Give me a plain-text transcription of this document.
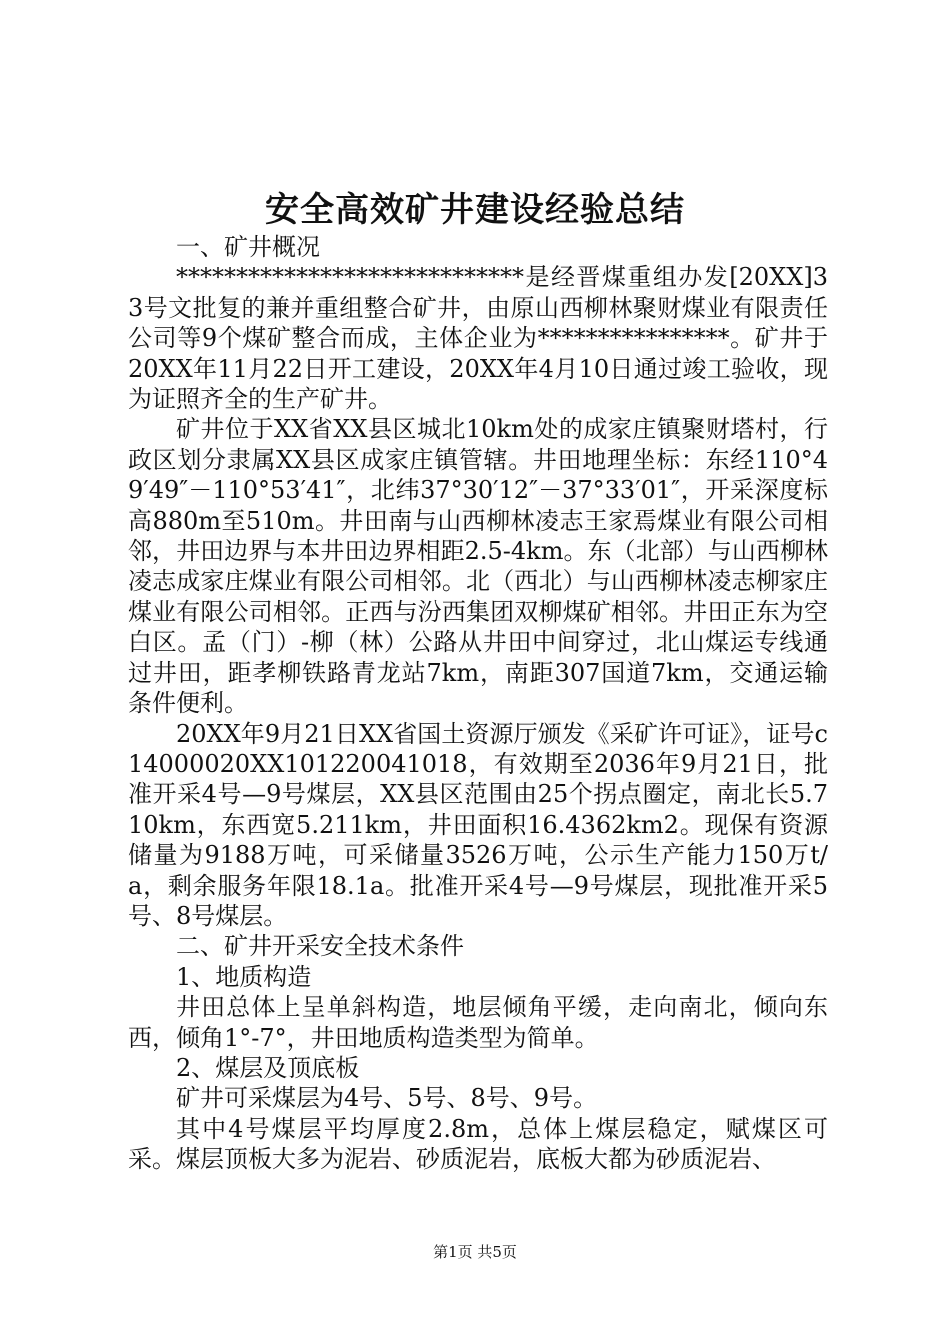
安全高效矿井建设经验总结

一、矿井概况

*****************************是经晋煤重组办发[20XX]33号文批复的兼并重组整合矿井，由原山西柳林聚财煤业有限责任公司等9个煤矿整合而成，主体企业为****************。矿井于20XX年11月22日开工建设，20XX年4月10日通过竣工验收，现为证照齐全的生产矿井。

矿井位于XX省XX县区城北10km处的成家庄镇聚财塔村，行政区划分隶属XX县区成家庄镇管辖。井田地理坐标：东经110°49′49″－110°53′41″，北纬37°30′12″－37°33′01″，开采深度标高880m至510m。井田南与山西柳林凌志王家焉煤业有限公司相邻，井田边界与本井田边界相距2.5-4km。东（北部）与山西柳林凌志成家庄煤业有限公司相邻。北（西北）与山西柳林凌志柳家庄煤业有限公司相邻。正西与汾西集团双柳煤矿相邻。井田正东为空白区。孟（门）-柳（林）公路从井田中间穿过，北山煤运专线通过井田，距孝柳铁路青龙站7km，南距307国道7km，交通运输条件便利。

20XX年9月21日XX省国土资源厅颁发《采矿许可证》，证号c14000020XX101220041018，有效期至2036年9月21日，批准开采4号—9号煤层，XX县区范围由25个拐点圈定，南北长5.710km，东西宽5.211km，井田面积16.4362km2。现保有资源储量为9188万吨，可采储量3526万吨，公示生产能力150万t/a，剩余服务年限18.1a。批准开采4号—9号煤层，现批准开采5号、8号煤层。

二、矿井开采安全技术条件

1、地质构造

井田总体上呈单斜构造，地层倾角平缓，走向南北，倾向东西，倾角1°-7°，井田地质构造类型为简单。

2、煤层及顶底板

矿井可采煤层为4号、5号、8号、9号。

其中4号煤层平均厚度2.8m，总体上煤层稳定，赋煤区可采。煤层顶板大多为泥岩、砂质泥岩，底板大都为砂质泥岩、

第1页 共5页
